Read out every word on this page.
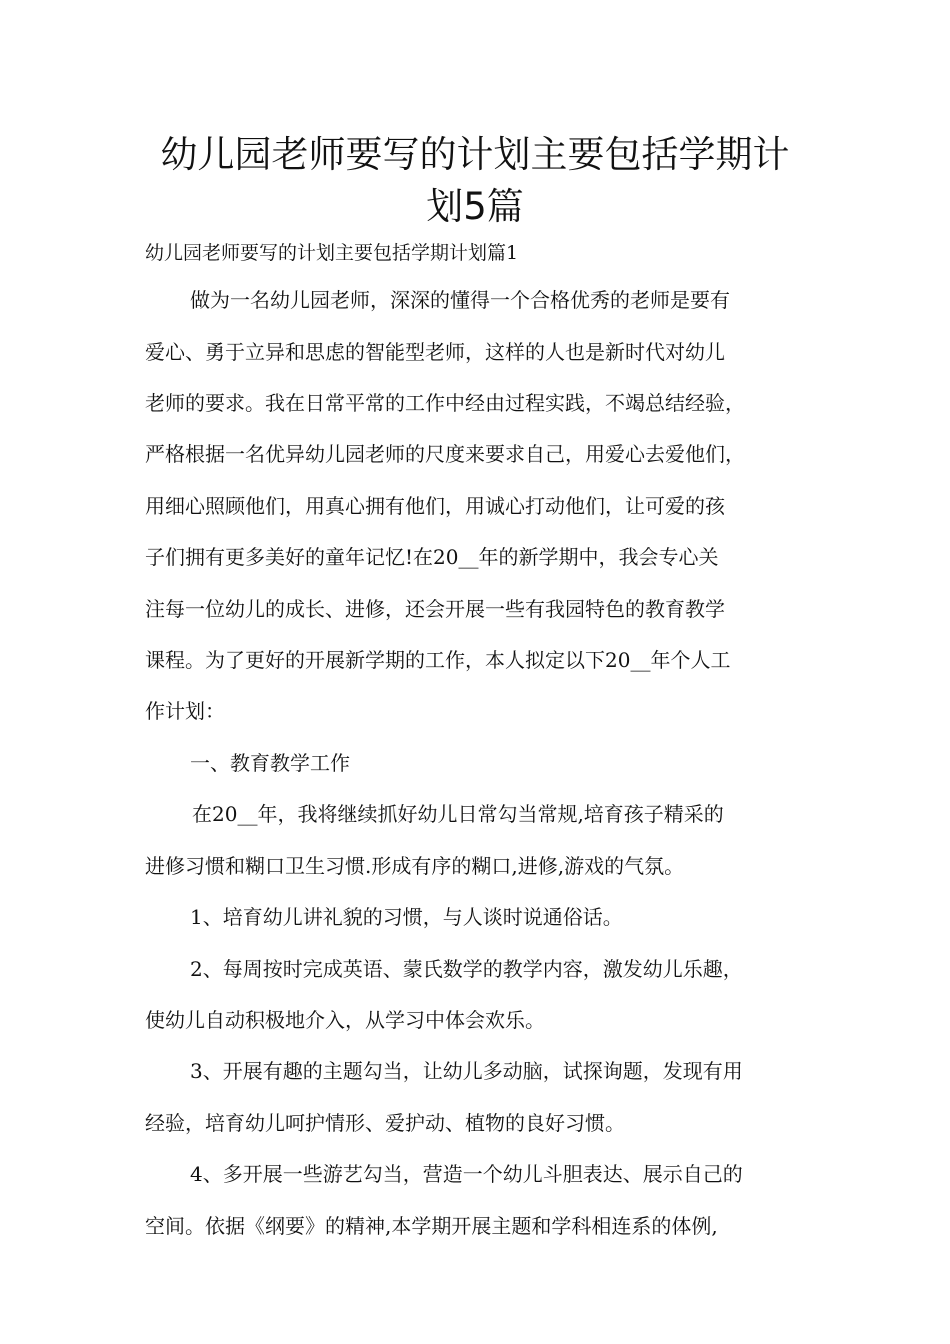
幼儿园老师要写的计划主要包括学期计
划5篇
幼儿园老师要写的计划主要包括学期计划篇1
做为一名幼儿园老师，深深的懂得一个合格优秀的老师是要有
爱心、勇于立异和思虑的智能型老师，这样的人也是新时代对幼儿
老师的要求。我在日常平常的工作中经由过程实践，不竭总结经验，
严格根据一名优异幼儿园老师的尺度来要求自己，用爱心去爱他们，
用细心照顾他们，用真心拥有他们，用诚心打动他们，让可爱的孩
子们拥有更多美好的童年记忆!在20__年的新学期中，我会专心关
注每一位幼儿的成长、进修，还会开展一些有我园特色的教育教学
课程。为了更好的开展新学期的工作，本人拟定以下20__年个人工
作计划：
一、教育教学工作
在20__年，我将继续抓好幼儿日常勾当常规,培育孩子精采的
进修习惯和糊口卫生习惯.形成有序的糊口,进修,游戏的气氛。
1、培育幼儿讲礼貌的习惯，与人谈时说通俗话。
2、每周按时完成英语、蒙氏数学的教学内容，激发幼儿乐趣，
使幼儿自动积极地介入，从学习中体会欢乐。
3、开展有趣的主题勾当，让幼儿多动脑，试探询题，发现有用
经验，培育幼儿呵护情形、爱护动、植物的良好习惯。
4、多开展一些游艺勾当，营造一个幼儿斗胆表达、展示自己的
空间。依据《纲要》的精神,本学期开展主题和学科相连系的体例,
